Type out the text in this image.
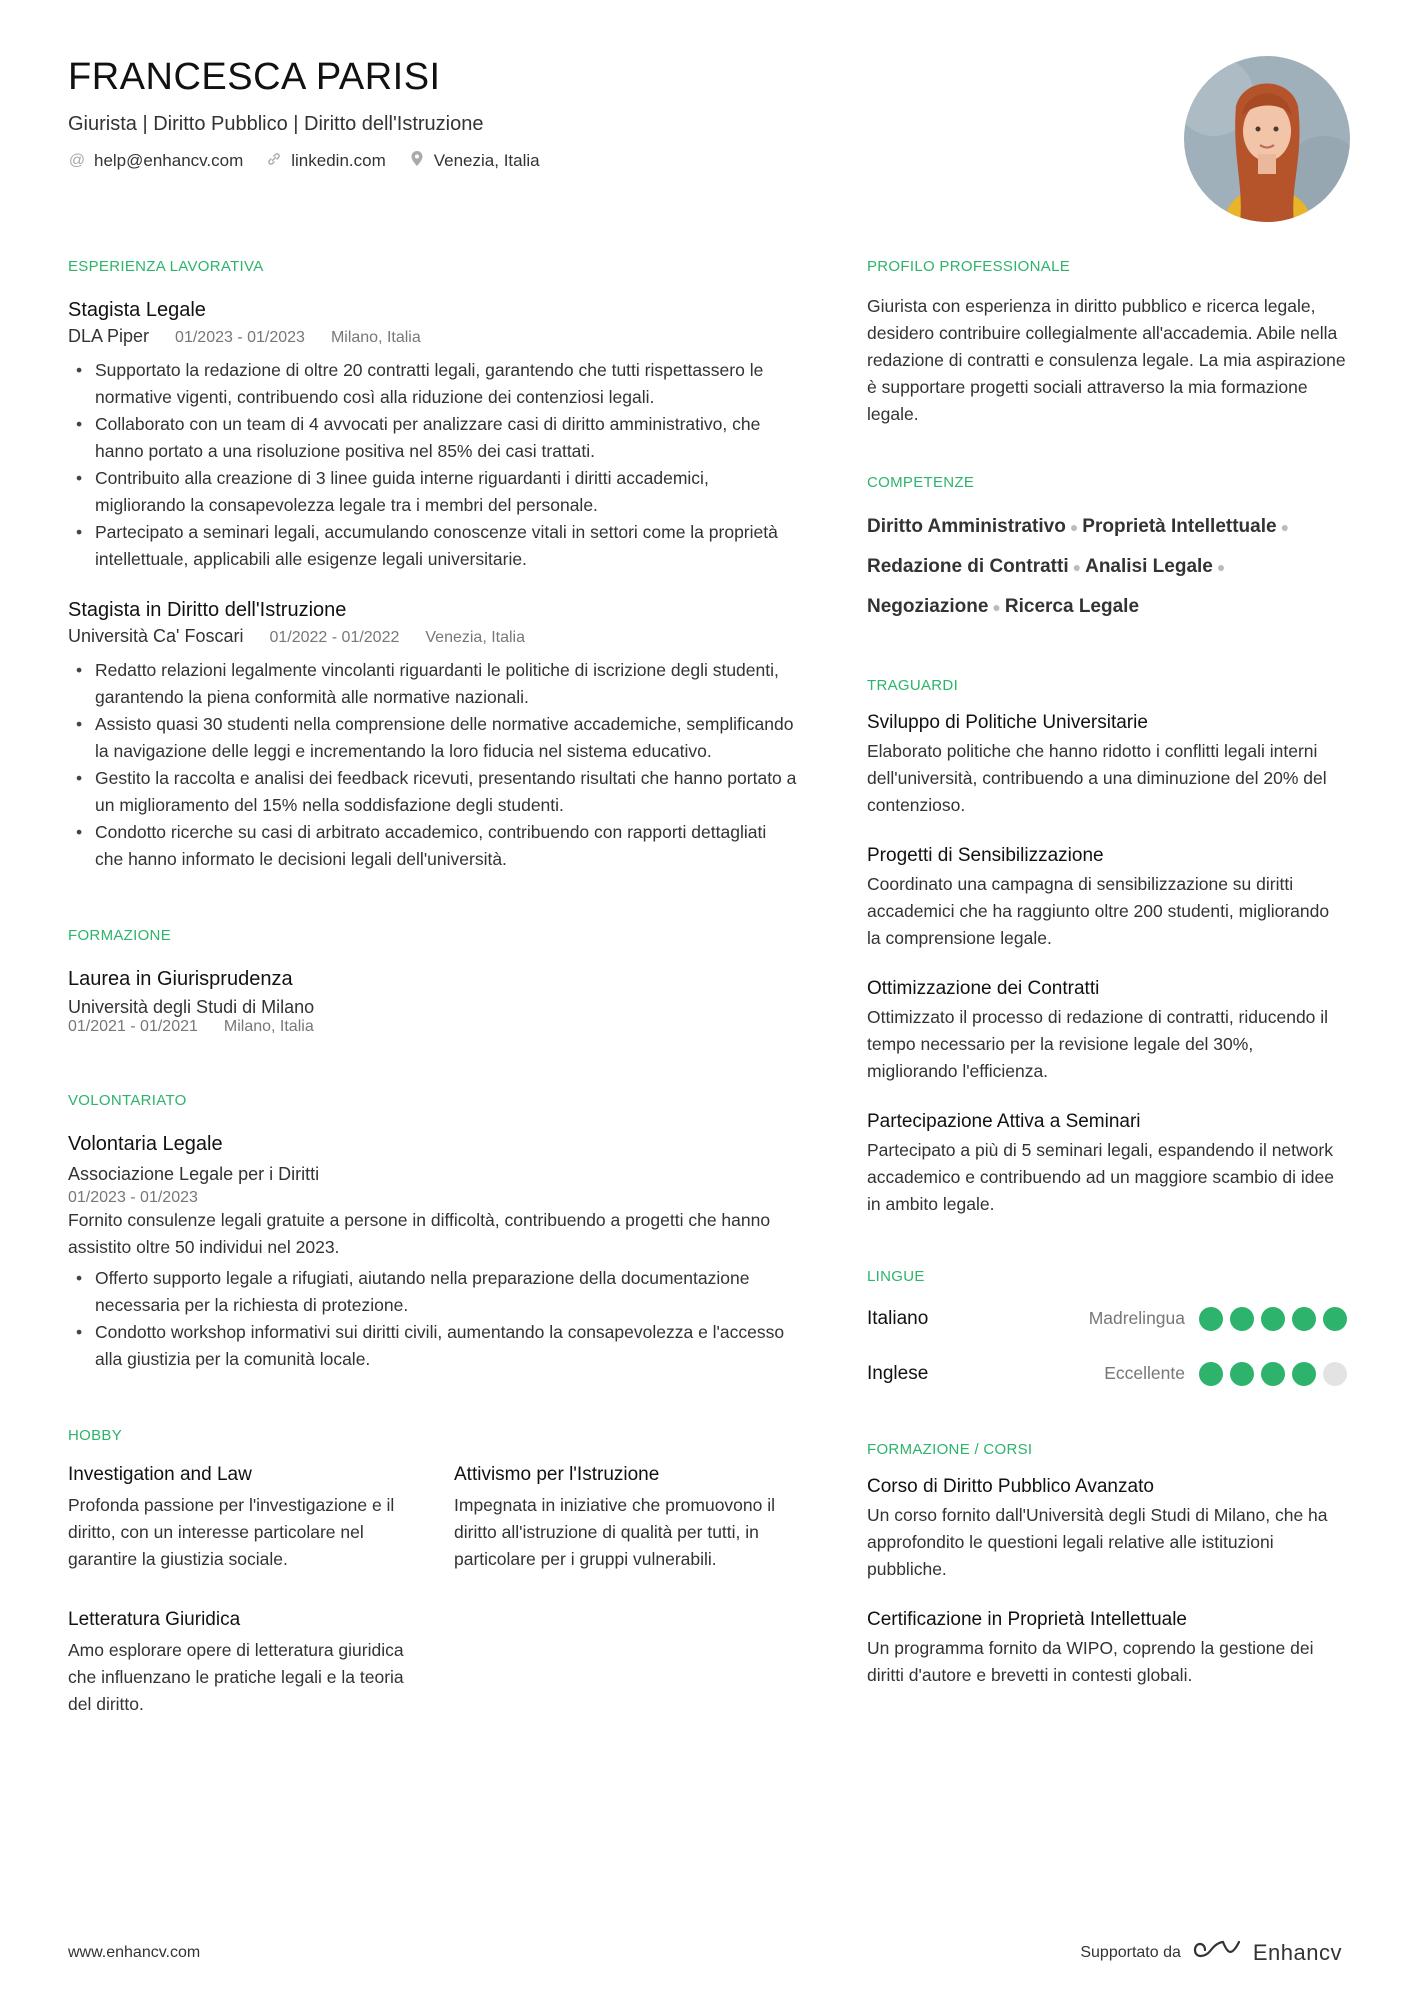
FRANCESCA PARISI
Giurista | Diritto Pubblico | Diritto dell'Istruzione
@ help@enhancv.com	linkedin.com	Venezia, Italia
ESPERIENZA LAVORATIVA
Stagista Legale
DLA Piper 01/2023 - 01/2023 Milano, Italia
• Supportato la redazione di oltre 20 contratti legali, garantendo che tutti rispettassero le normative vigenti, contribuendo così alla riduzione dei contenziosi legali.
• Collaborato con un team di 4 avvocati per analizzare casi di diritto amministrativo, che hanno portato a una risoluzione positiva nel 85% dei casi trattati.
• Contribuito alla creazione di 3 linee guida interne riguardanti i diritti accademici, migliorando la consapevolezza legale tra i membri del personale.
• Partecipato a seminari legali, accumulando conoscenze vitali in settori come la proprietà intellettuale, applicabili alle esigenze legali universitarie.
Stagista in Diritto dell'Istruzione
Università Ca' Foscari 01/2022 - 01/2022 Venezia, Italia
• Redatto relazioni legalmente vincolanti riguardanti le politiche di iscrizione degli studenti, garantendo la piena conformità alle normative nazionali.
• Assisto quasi 30 studenti nella comprensione delle normative accademiche, semplificando la navigazione delle leggi e incrementando la loro fiducia nel sistema educativo.
• Gestito la raccolta e analisi dei feedback ricevuti, presentando risultati che hanno portato a un miglioramento del 15% nella soddisfazione degli studenti.
• Condotto ricerche su casi di arbitrato accademico, contribuendo con rapporti dettagliati che hanno informato le decisioni legali dell'università.
FORMAZIONE
Laurea in Giurisprudenza
Università degli Studi di Milano
01/2021 - 01/2021 Milano, Italia
VOLONTARIATO
Volontaria Legale
Associazione Legale per i Diritti
01/2023 - 01/2023
Fornito consulenze legali gratuite a persone in difficoltà, contribuendo a progetti che hanno assistito oltre 50 individui nel 2023.
• Offerto supporto legale a rifugiati, aiutando nella preparazione della documentazione necessaria per la richiesta di protezione.
• Condotto workshop informativi sui diritti civili, aumentando la consapevolezza e l'accesso alla giustizia per la comunità locale.
HOBBY
Investigation and Law
Profonda passione per l'investigazione e il diritto, con un interesse particolare nel garantire la giustizia sociale.
Attivismo per l'Istruzione
Impegnata in iniziative che promuovono il diritto all'istruzione di qualità per tutti, in particolare per i gruppi vulnerabili.
Letteratura Giuridica
Amo esplorare opere di letteratura giuridica che influenzano le pratiche legali e la teoria del diritto.
PROFILO PROFESSIONALE
Giurista con esperienza in diritto pubblico e ricerca legale, desidero contribuire collegialmente all'accademia. Abile nella redazione di contratti e consulenza legale. La mia aspirazione è supportare progetti sociali attraverso la mia formazione legale.
COMPETENZE
Diritto Amministrativo ● Proprietà Intellettuale ●
Redazione di Contratti ● Analisi Legale ●
Negoziazione ● Ricerca Legale
TRAGUARDI
Sviluppo di Politiche Universitarie
Elaborato politiche che hanno ridotto i conflitti legali interni dell'università, contribuendo a una diminuzione del 20% del contenzioso.
Progetti di Sensibilizzazione
Coordinato una campagna di sensibilizzazione su diritti accademici che ha raggiunto oltre 200 studenti, migliorando la comprensione legale.
Ottimizzazione dei Contratti
Ottimizzato il processo di redazione di contratti, riducendo il tempo necessario per la revisione legale del 30%, migliorando l'efficienza.
Partecipazione Attiva a Seminari
Partecipato a più di 5 seminari legali, espandendo il network accademico e contribuendo ad un maggiore scambio di idee in ambito legale.
LINGUE
Italiano	Madrelingua
Inglese	Eccellente
FORMAZIONE / CORSI
Corso di Diritto Pubblico Avanzato
Un corso fornito dall'Università degli Studi di Milano, che ha approfondito le questioni legali relative alle istituzioni pubbliche.
Certificazione in Proprietà Intellettuale
Un programma fornito da WIPO, coprendo la gestione dei diritti d'autore e brevetti in contesti globali.
www.enhancv.com	Supportato da	Enhancv
